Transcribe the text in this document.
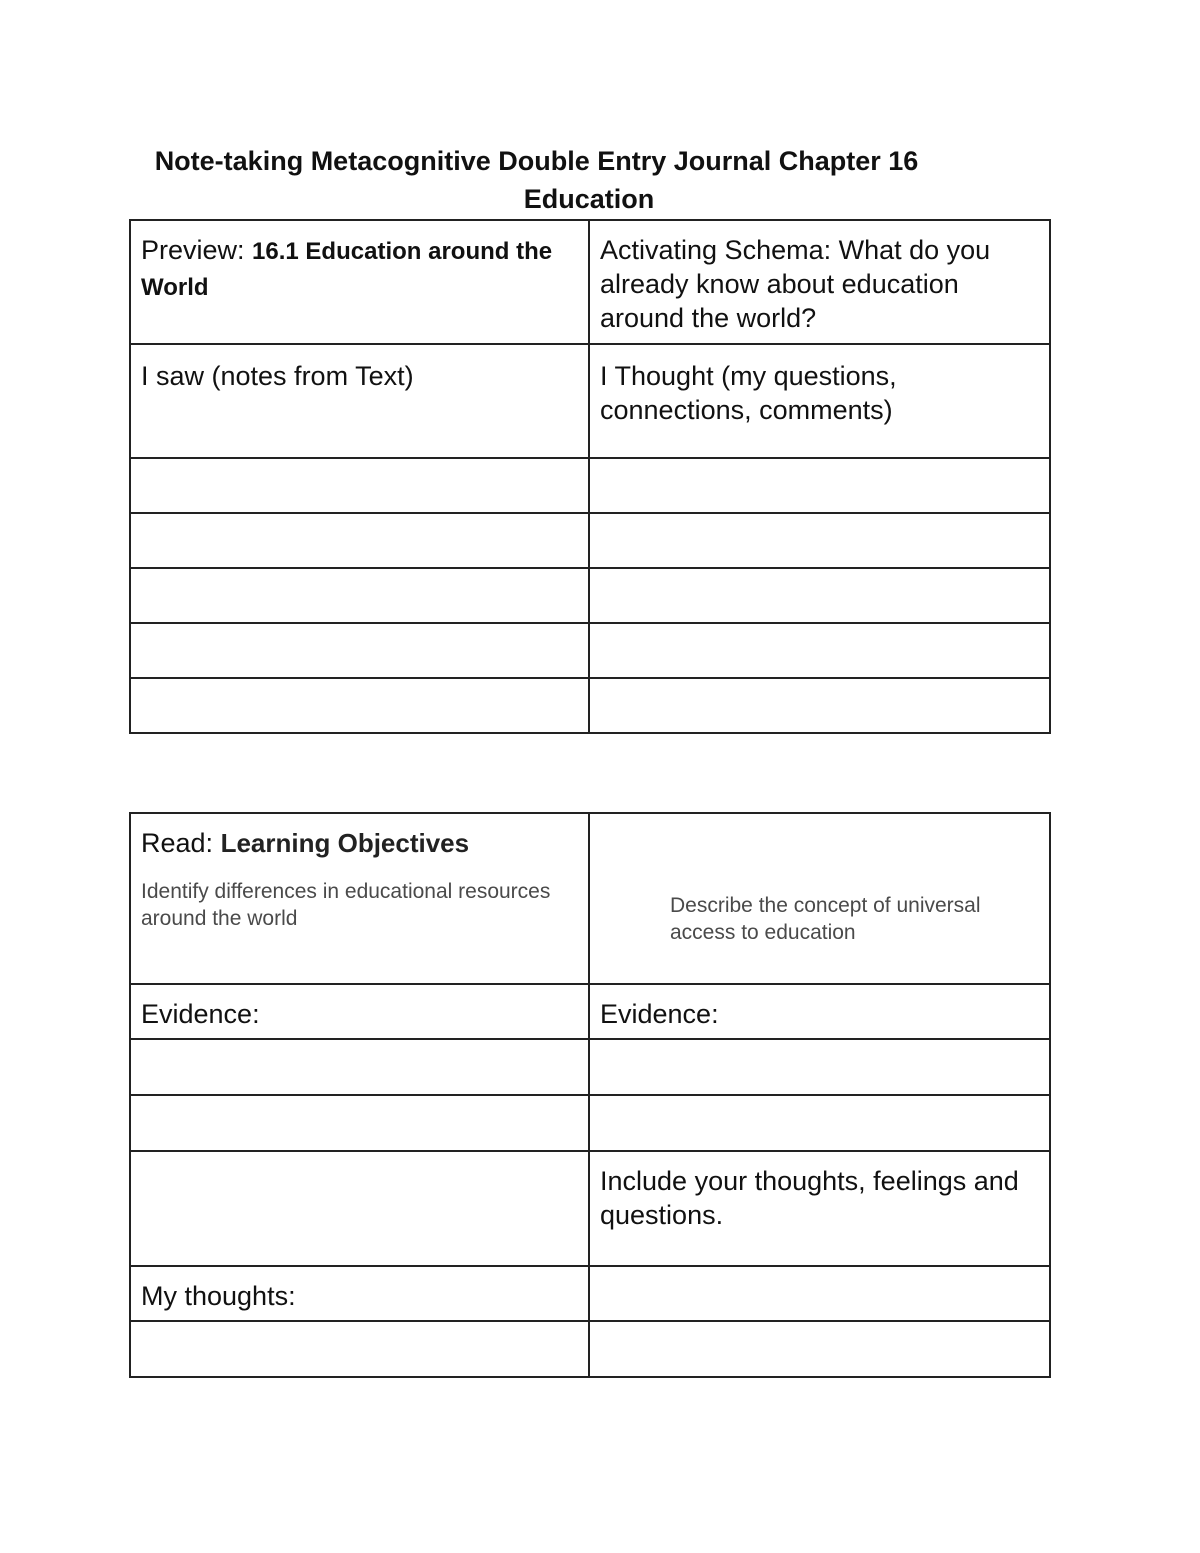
Note-taking Metacognitive Double Entry Journal Chapter 16
Education
Preview: 16.1 Education around the World	Activating Schema: What do you already know about education around the world?

I saw (notes from Text)	I Thought (my questions, connections, comments)

Read: Learning Objectives
Identify differences in educational resources around the world	Describe the concept of universal access to education

Evidence:	Evidence:

	Include your thoughts, feelings and questions.

My thoughts:	
